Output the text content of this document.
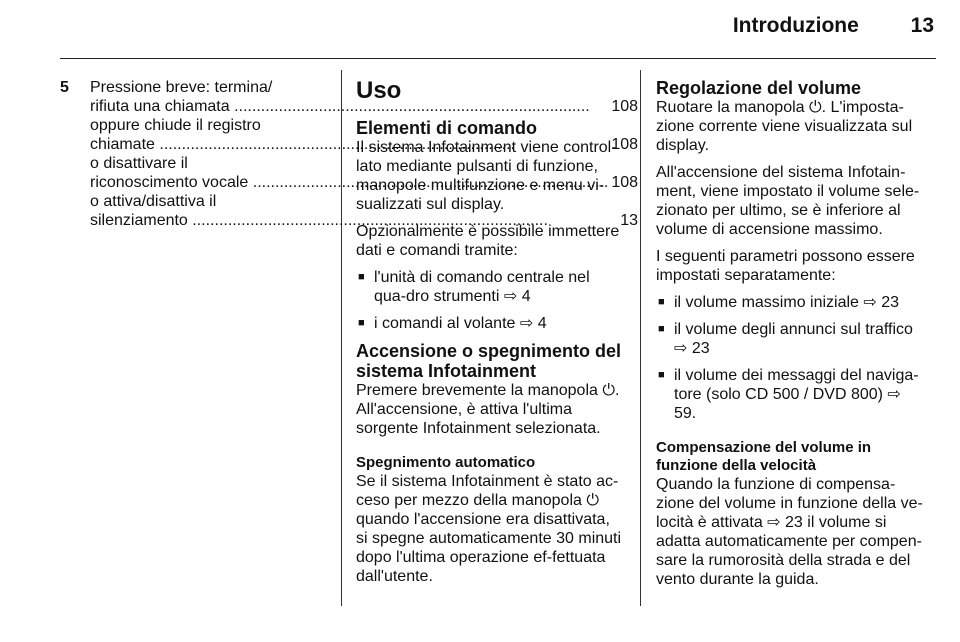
Introduzione 13
5	Pressione breve: termina/
rifiuta una chiamata .....	108
oppure chiude il registro
chiamate .....	108
o disattivare il
riconoscimento vocale .....	108
o attiva/disattiva il
silenziamento .....	13
Uso
Elementi di comando

Il sistema Infotainment viene control-lato mediante pulsanti di funzione, manopole multifunzione e menu vi-sualizzati sul display.

Opzionalmente è possibile immettere dati e comandi tramite:

■ l'unità di comando centrale nel qua-dro strumenti ⇨ 4
■ i comandi al volante ⇨ 4
Accensione o spegnimento del sistema Infotainment

Premere brevemente la manopola ⏻. All'accensione, è attiva l'ultima sorgente Infotainment selezionata.

Spegnimento automatico

Se il sistema Infotainment è stato ac-ceso per mezzo della manopola ⏻ quando l'accensione era disattivata, si spegne automaticamente 30 minuti dopo l'ultima operazione ef-fettuata dall'utente.

Regolazione del volume

Ruotare la manopola ⏻. L'imposta-zione corrente viene visualizzata sul display.

All'accensione del sistema Infotain-ment, viene impostato il volume sele-zionato per ultimo, se è inferiore al volume di accensione massimo.

I seguenti parametri possono essere impostati separatamente:

■ il volume massimo iniziale ⇨ 23
■ il volume degli annunci sul traffico ⇨ 23
■ il volume dei messaggi del naviga-tore (solo CD 500 / DVD 800) ⇨ 59.
Compensazione del volume in funzione della velocità

Quando la funzione di compensa-zione del volume in funzione della ve-locità è attivata ⇨ 23 il volume si adatta automaticamente per compen-sare la rumorosità della strada e del vento durante la guida.
